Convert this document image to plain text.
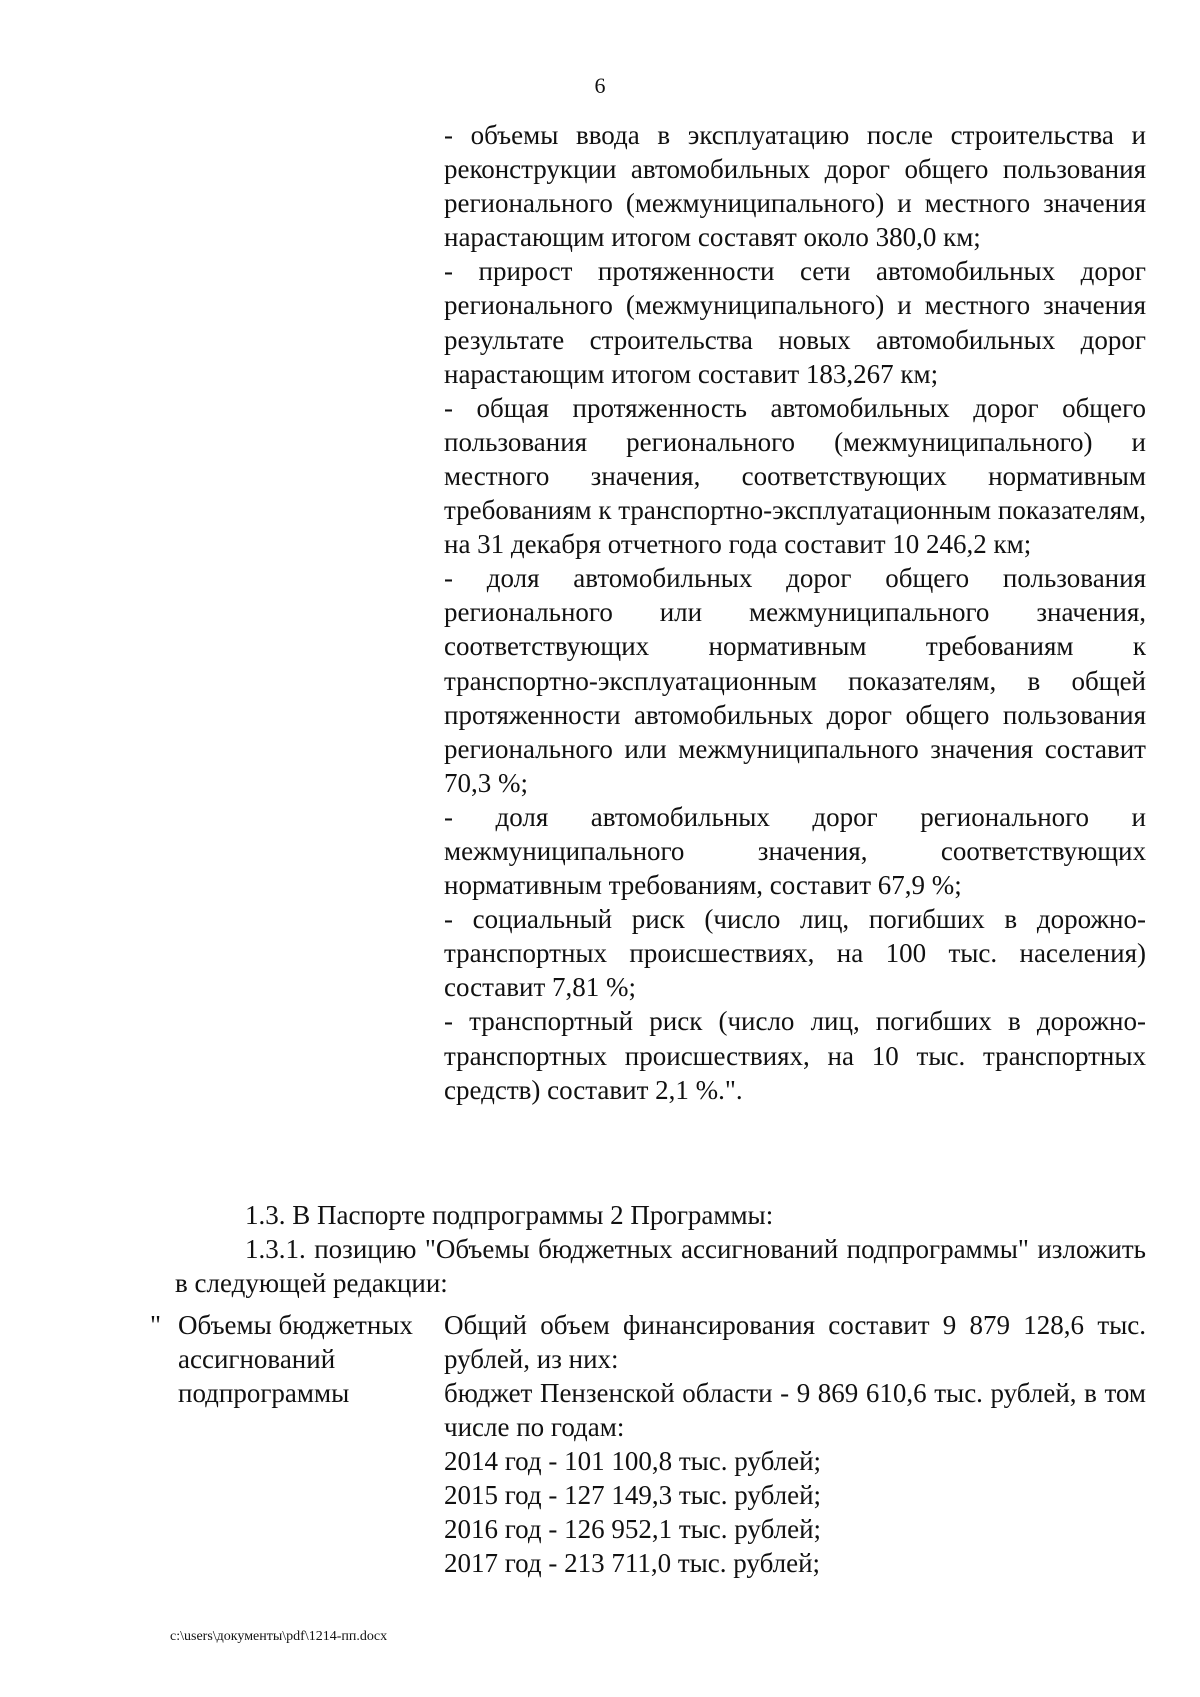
6

- объемы ввода в эксплуатацию после строительства и реконструкции автомобильных дорог общего пользования регионального (межмуниципального) и местного значения нарастающим итогом составят около 380,0 км;

- прирост протяженности сети автомобильных дорог регионального (межмуниципального) и местного значения результате строительства новых автомобильных дорог нарастающим итогом составит 183,267 км;

- общая протяженность автомобильных дорог общего пользования регионального (межмуниципального) и местного значения, соответствующих нормативным требованиям к транспортно-эксплуатационным показателям, на 31 декабря отчетного года составит 10 246,2 км;

- доля автомобильных дорог общего пользования регионального или межмуниципального значения, соответствующих нормативным требованиям к транспортно-эксплуатационным показателям, в общей протяженности автомобильных дорог общего пользования регионального или межмуниципального значения составит 70,3 %;

- доля автомобильных дорог регионального и межмуниципального значения, соответствующих нормативным требованиям, составит 67,9 %;

- социальный риск (число лиц, погибших в дорожно-транспортных происшествиях, на 100 тыс. населения) составит 7,81 %;

- транспортный риск (число лиц, погибших в дорожно-транспортных происшествиях, на 10 тыс. транспортных средств) составит 2,1 %.".

1.3. В Паспорте подпрограммы 2 Программы:
1.3.1. позицию "Объемы бюджетных ассигнований подпрограммы" изложить в следующей редакции:
" Объемы бюджетных ассигнований подпрограммы

Общий объем финансирования составит 9 879 128,6 тыс. рублей, из них:

бюджет Пензенской области - 9 869 610,6 тыс. рублей, в том числе по годам:

2014 год - 101 100,8 тыс. рублей;

2015 год - 127 149,3 тыс. рублей;

2016 год - 126 952,1 тыс. рублей;

2017 год - 213 711,0 тыс. рублей;

c:\users\документы\pdf\1214-пп.docx
